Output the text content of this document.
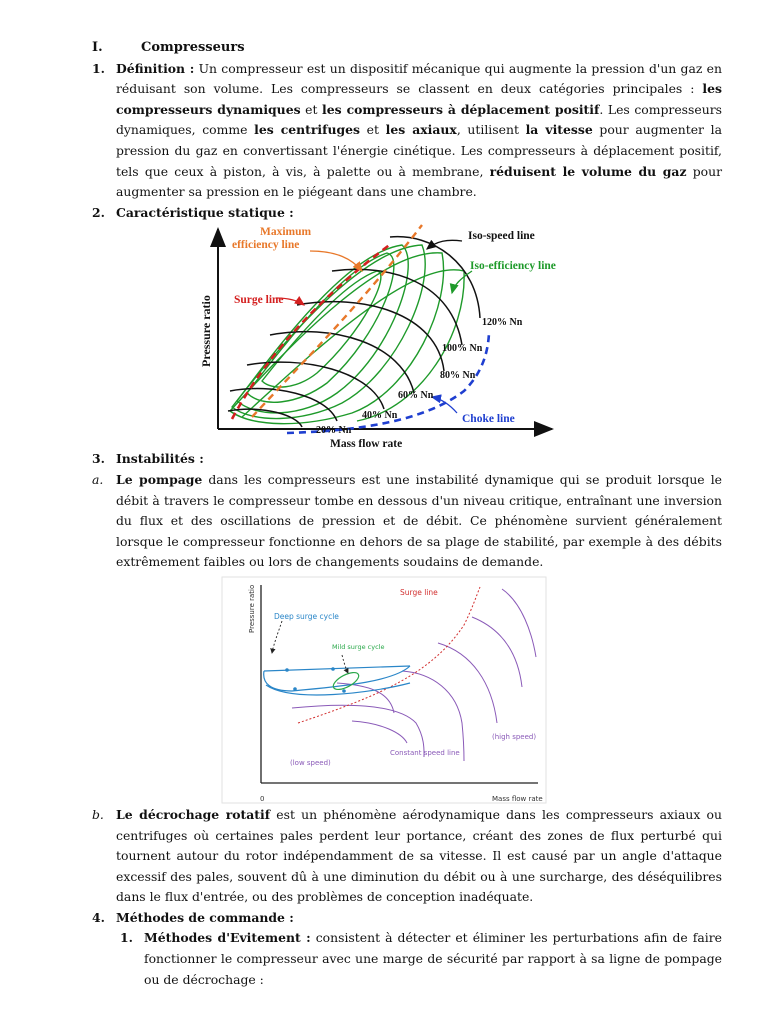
I.	Compresseurs
1. Définition : Un compresseur est un dispositif mécanique qui augmente la pression d'un gaz en réduisant son volume. Les compresseurs se classent en deux catégories principales : les compresseurs dynamiques et les compresseurs à déplacement positif. Les compresseurs dynamiques, comme les centrifuges et les axiaux, utilisent la vitesse pour augmenter la pression du gaz en convertissant l'énergie cinétique. Les compresseurs à déplacement positif, tels que ceux à piston, à vis, à palette ou à membrane, réduisent le volume du gaz pour augmenter sa pression en le piégeant dans une chambre.
2. Caractéristique statique :
Maximum
efficiency line
Surge line
Iso-speed line
Iso-efficiency line
Pressure ratio
Mass flow rate
Choke line
120% Nn
100% Nn
80% Nn
60% Nn
40% Nn
20% Nn
3. Instabilités :
a.	Le pompage dans les compresseurs est une instabilité dynamique qui se produit lorsque le débit à travers le compresseur tombe en dessous d'un niveau critique, entraînant une inversion du flux et des oscillations de pression et de débit. Ce phénomène survient généralement lorsque le compresseur fonctionne en dehors de sa plage de stabilité, par exemple à des débits extrêmement faibles ou lors de changements soudains de demande.
Pressure ratio
Mass flow rate
0
Surge line
Deep surge cycle
Mild surge cycle
(high speed)
Constant speed line
(low speed)
b. Le décrochage rotatif est un phénomène aérodynamique dans les compresseurs axiaux ou centrifuges où certaines pales perdent leur portance, créant des zones de flux perturbé qui tournent autour du rotor indépendamment de sa vitesse. Il est causé par un angle d'attaque excessif des pales, souvent dû à une diminution du débit ou à une surcharge, des déséquilibres dans le flux d'entrée, ou des problèmes de conception inadéquate.
4. Méthodes de commande :
1. Méthodes d'Evitement : consistent à détecter et éliminer les perturbations afin de faire fonctionner le compresseur avec une marge de sécurité par rapport à sa ligne de pompage ou de décrochage :
